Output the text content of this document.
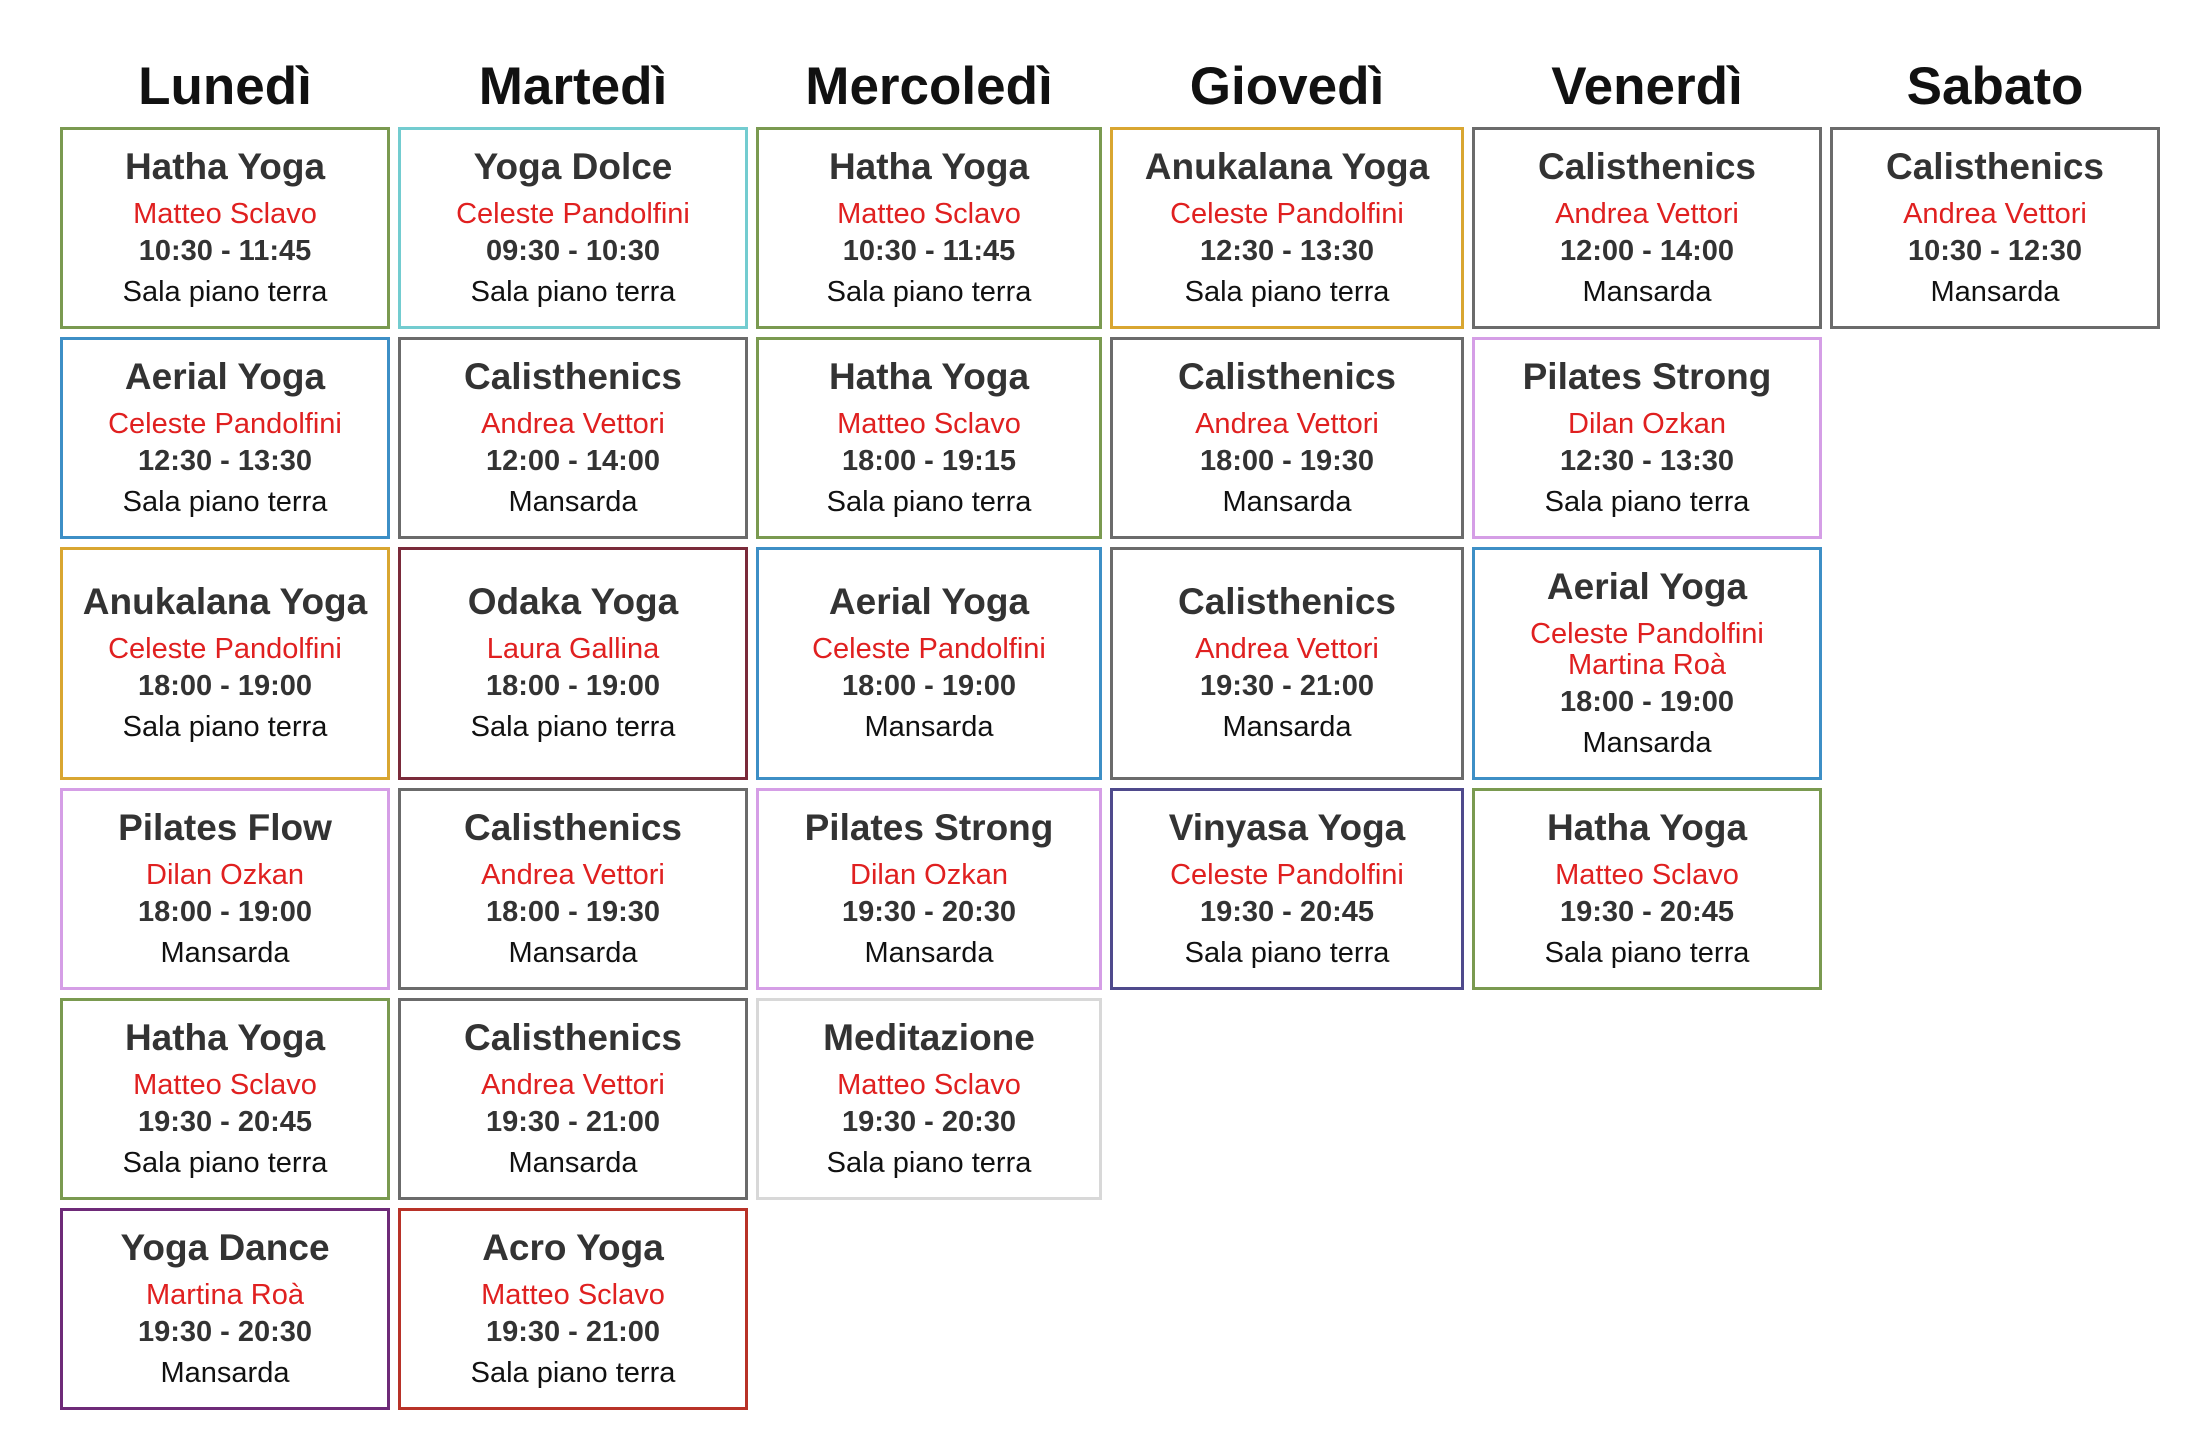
Lunedì
Hatha Yoga
Matteo Sclavo
10:30 - 11:45
Sala piano terra
Aerial Yoga
Celeste Pandolfini
12:30 - 13:30
Sala piano terra
Anukalana Yoga
Celeste Pandolfini
18:00 - 19:00
Sala piano terra
Pilates Flow
Dilan Ozkan
18:00 - 19:00
Mansarda
Hatha Yoga
Matteo Sclavo
19:30 - 20:45
Sala piano terra
Yoga Dance
Martina Roà
19:30 - 20:30
Mansarda
Martedì
Yoga Dolce
Celeste Pandolfini
09:30 - 10:30
Sala piano terra
Calisthenics
Andrea Vettori
12:00 - 14:00
Mansarda
Odaka Yoga
Laura Gallina
18:00 - 19:00
Sala piano terra
Calisthenics
Andrea Vettori
18:00 - 19:30
Mansarda
Calisthenics
Andrea Vettori
19:30 - 21:00
Mansarda
Acro Yoga
Matteo Sclavo
19:30 - 21:00
Sala piano terra
Mercoledì
Hatha Yoga
Matteo Sclavo
10:30 - 11:45
Sala piano terra
Hatha Yoga
Matteo Sclavo
18:00 - 19:15
Sala piano terra
Aerial Yoga
Celeste Pandolfini
18:00 - 19:00
Mansarda
Pilates Strong
Dilan Ozkan
19:30 - 20:30
Mansarda
Meditazione
Matteo Sclavo
19:30 - 20:30
Sala piano terra
Giovedì
Anukalana Yoga
Celeste Pandolfini
12:30 - 13:30
Sala piano terra
Calisthenics
Andrea Vettori
18:00 - 19:30
Mansarda
Calisthenics
Andrea Vettori
19:30 - 21:00
Mansarda
Vinyasa Yoga
Celeste Pandolfini
19:30 - 20:45
Sala piano terra
Venerdì
Calisthenics
Andrea Vettori
12:00 - 14:00
Mansarda
Pilates Strong
Dilan Ozkan
12:30 - 13:30
Sala piano terra
Aerial Yoga
Celeste Pandolfini
Martina Roà
18:00 - 19:00
Mansarda
Hatha Yoga
Matteo Sclavo
19:30 - 20:45
Sala piano terra
Sabato
Calisthenics
Andrea Vettori
10:30 - 12:30
Mansarda
